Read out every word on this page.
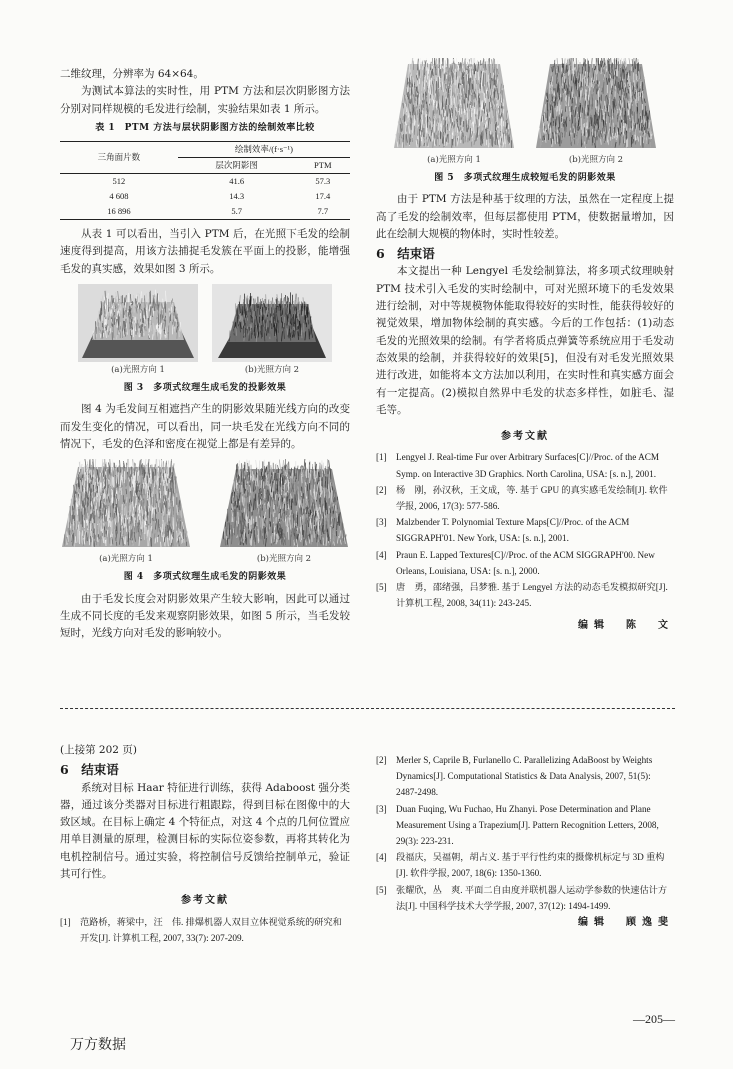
二维纹理，分辨率为 64×64。

为测试本算法的实时性，用 PTM 方法和层次阴影图方法分别对同样规模的毛发进行绘制，实验结果如表 1 所示。

表 1　PTM 方法与层状阴影图方法的绘制效率比较
三角面片数	绘制效率/(f·s⁻¹)	
	层次阴影图	PTM
512	41.6	57.3
4 608	14.3	17.4
16 896	5.7	7.7

从表 1 可以看出，当引入 PTM 后，在光照下毛发的绘制速度得到提高，用该方法捕捉毛发簇在平面上的投影，能增强毛发的真实感，效果如图 3 所示。

(a)光照方向 1	(b)光照方向 2
图 3　多项式纹理生成毛发的投影效果

图 4 为毛发间互相遮挡产生的阴影效果随光线方向的改变而发生变化的情况，可以看出，同一块毛发在光线方向不同的情况下，毛发的色泽和密度在视觉上都是有差异的。

(a)光照方向 1	(b)光照方向 2
图 4　多项式纹理生成毛发的阴影效果

由于毛发长度会对阴影效果产生较大影响，因此可以通过生成不同长度的毛发来观察阴影效果，如图 5 所示，当毛发较短时，光线方向对毛发的影响较小。

(a)光照方向 1	(b)光照方向 2
图 5　多项式纹理生成较短毛发的阴影效果

由于 PTM 方法是种基于纹理的方法，虽然在一定程度上提高了毛发的绘制效率，但每层都使用 PTM，使数据量增加，因此在绘制大规模的物体时，实时性较差。

6　结束语

本文提出一种 Lengyel 毛发绘制算法，将多项式纹理映射 PTM 技术引入毛发的实时绘制中，可对光照环境下的毛发效果进行绘制，对中等规模物体能取得较好的实时性，能获得较好的视觉效果，增加物体绘制的真实感。今后的工作包括：(1)动态毛发的光照效果的绘制。有学者将质点弹簧等系统应用于毛发动态效果的绘制，并获得较好的效果[5]，但没有对毛发光照效果进行改进，如能将本文方法加以利用，在实时性和真实感方面会有一定提高。(2)模拟自然界中毛发的状态多样性，如脏毛、湿毛等。

参考文献
[1]	Lengyel J. Real-time Fur over Arbitrary Surfaces[C]//Proc. of the ACM Symp. on Interactive 3D Graphics. North Carolina, USA: [s. n.], 2001.
[2]	杨　刚，孙汉秋，王文成，等. 基于 GPU 的真实感毛发绘制[J]. 软件学报, 2006, 17(3): 577-586.
[3]	Malzbender T. Polynomial Texture Maps[C]//Proc. of the ACM SIGGRAPH'01. New York, USA: [s. n.], 2001.
[4]	Praun E. Lapped Textures[C]//Proc. of the ACM SIGGRAPH'00. New Orleans, Louisiana, USA: [s. n.], 2000.
[5]	唐　勇，邵绪强，吕梦雅. 基于 Lengyel 方法的动态毛发模拟研究[J]. 计算机工程, 2008, 34(11): 243-245.
编辑　陈　文

(上接第 202 页)

6　结束语

系统对目标 Haar 特征进行训练，获得 Adaboost 强分类器，通过该分类器对目标进行粗跟踪，得到目标在图像中的大致区域。在目标上确定 4 个特征点，对这 4 个点的几何位置应用单目测量的原理，检测目标的实际位姿参数，再将其转化为电机控制信号。通过实验，将控制信号反馈给控制单元，验证其可行性。

参考文献
[1]	范路桥，蒋梁中，汪　伟. 排爆机器人双目立体视觉系统的研究和开发[J]. 计算机工程, 2007, 33(7): 207-209.
[2]	Merler S, Caprile B, Furlanello C. Parallelizing AdaBoost by Weights Dynamics[J]. Computational Statistics & Data Analysis, 2007, 51(5): 2487-2498.
[3]	Duan Fuqing, Wu Fuchao, Hu Zhanyi. Pose Determination and Plane Measurement Using a Trapezium[J]. Pattern Recognition Letters, 2008, 29(3): 223-231.
[4]	段福庆，吴福朝，胡占义. 基于平行性约束的摄像机标定与 3D 重构[J]. 软件学报, 2007, 18(6): 1350-1360.
[5]	张耀欣，丛　爽. 平面二自由度并联机器人运动学参数的快速估计方法[J]. 中国科学技术大学学报, 2007, 37(12): 1494-1499.
编辑　顾逸斐
—205—
万方数据
